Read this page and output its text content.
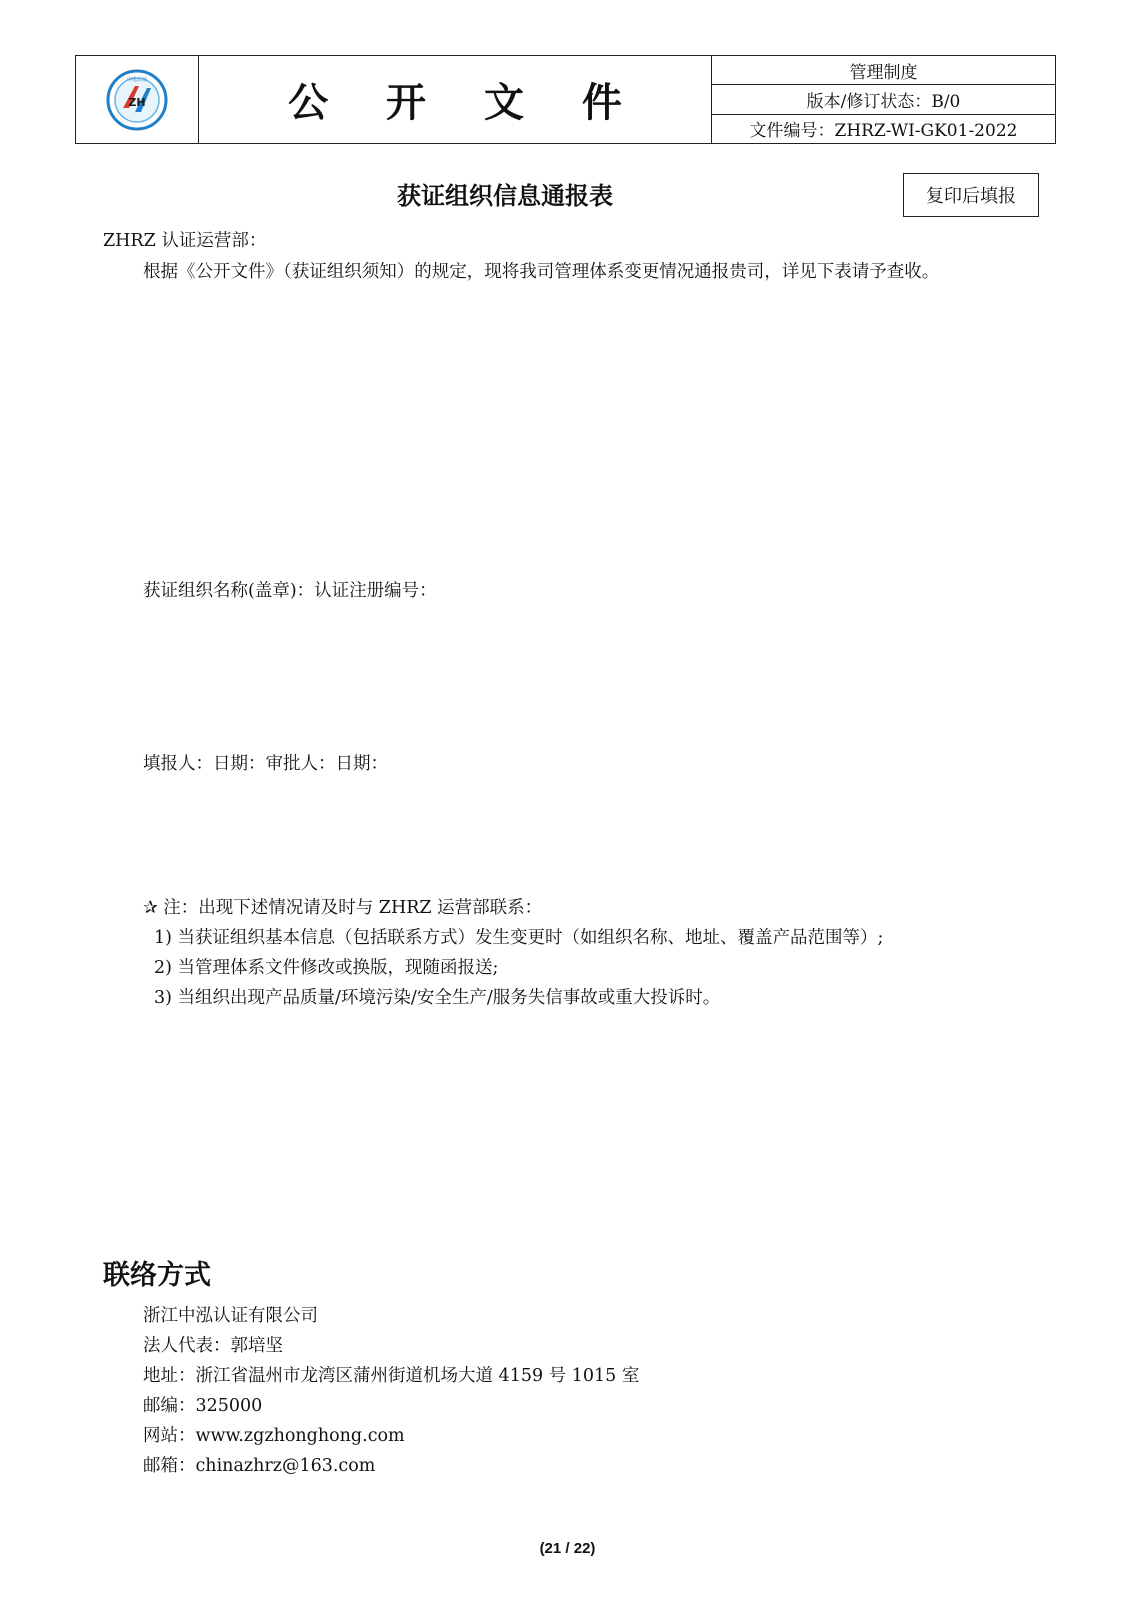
ZH
中泓认证
公 开 文 件
管理制度
版本/修订状态：B/0
文件编号：ZHRZ-WI-GK01-2022
获证组织信息通报表	复印后填报
ZHRZ 认证运营部：
根据《公开文件》（获证组织须知）的规定，现将我司管理体系变更情况通报贵司，详见下表请予查收。
获证组织名称(盖章)：认证注册编号：
填报人：日期：审批人：日期：
✰ 注：出现下述情况请及时与 ZHRZ 运营部联系：
1) 当获证组织基本信息（包括联系方式）发生变更时（如组织名称、地址、覆盖产品范围等）;
2) 当管理体系文件修改或换版，现随函报送;
3) 当组织出现产品质量/环境污染/安全生产/服务失信事故或重大投诉时。
联络方式
浙江中泓认证有限公司
法人代表：郭培坚
地址：浙江省温州市龙湾区蒲州街道机场大道 4159 号 1015 室
邮编：325000
网站：www.zgzhonghong.com
邮箱：chinazhrz@163.com
(21 / 22)
